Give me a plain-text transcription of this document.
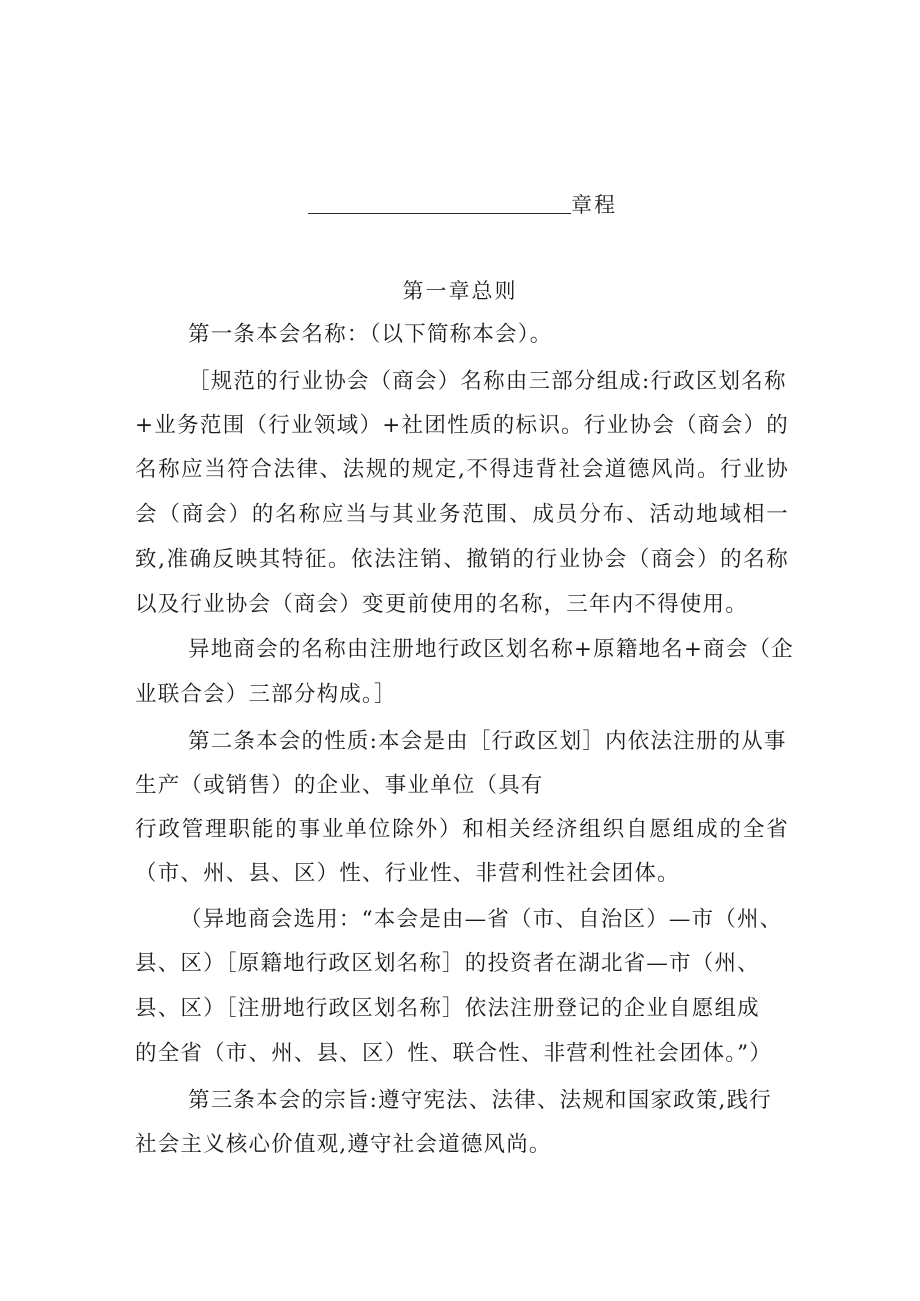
章程
第一章总则
第一条本会名称：（以下简称本会）。
［规范的行业协会（商会）名称由三部分组成:行政区划名称
+业务范围（行业领域）+社团性质的标识。行业协会（商会）的
名称应当符合法律、法规的规定,不得违背社会道德风尚。行业协
会（商会）的名称应当与其业务范围、成员分布、活动地域相一
致,准确反映其特征。依法注销、撤销的行业协会（商会）的名称
以及行业协会（商会）变更前使用的名称，三年内不得使用。
异地商会的名称由注册地行政区划名称+原籍地名+商会（企
业联合会）三部分构成。］
第二条本会的性质:本会是由［行政区划］内依法注册的从事
生产（或销售）的企业、事业单位（具有
行政管理职能的事业单位除外）和相关经济组织自愿组成的全省
（市、州、县、区）性、行业性、非营利性社会团体。
（异地商会选用：“本会是由—省（市、自治区）—市（州、
县、区）［原籍地行政区划名称］的投资者在湖北省—市（州、
县、区）［注册地行政区划名称］依法注册登记的企业自愿组成
的全省（市、州、县、区）性、联合性、非营利性社会团体。”）
第三条本会的宗旨:遵守宪法、法律、法规和国家政策,践行
社会主义核心价值观,遵守社会道德风尚。
